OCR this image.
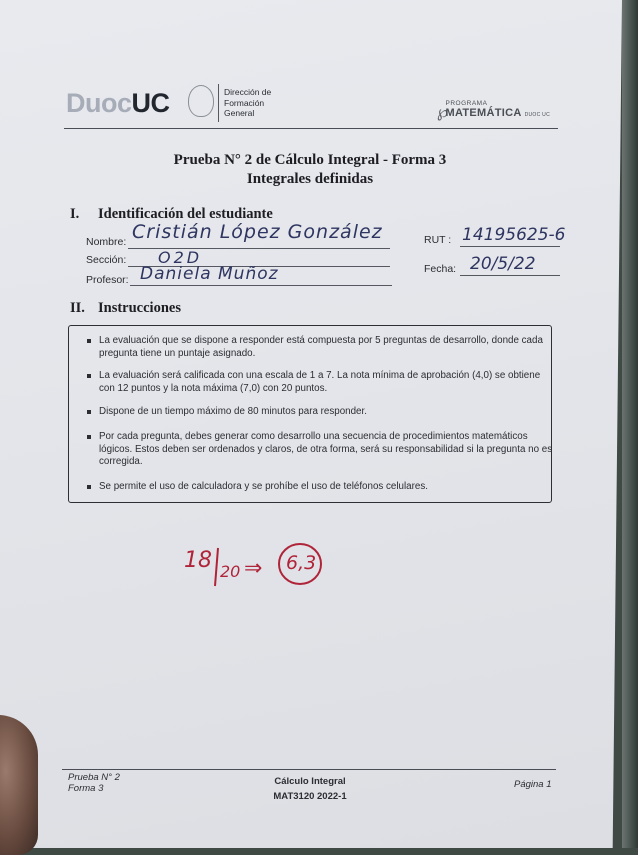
DuocUC	Dirección de
Formación
General	℘
PROGRAMA
MATEMÁTICA DUOC UC
Prueba N° 2 de Cálculo Integral - Forma 3
Integrales definidas
I. Identificación del estudiante
Nombre: Cristián López González
Sección: O2D
Profesor: Daniela Muñoz
RUT : 14195625-6
Fecha: 20/5/22
II. Instrucciones
La evaluación que se dispone a responder está compuesta por 5 preguntas de desarrollo, donde cada pregunta tiene un puntaje asignado.
La evaluación será calificada con una escala de 1 a 7. La nota mínima de aprobación (4,0) se obtiene con 12 puntos y la nota máxima (7,0) con 20 puntos.
Dispone de un tiempo máximo de 80 minutos para responder.
Por cada pregunta, debes generar como desarrollo una secuencia de procedimientos matemáticos lógicos. Estos deben ser ordenados y claros, de otra forma, será su responsabilidad si la pregunta no es corregida.
Se permite el uso de calculadora y se prohíbe el uso de teléfonos celulares.
18 20 ⇒ 6,3
Prueba N° 2
Forma 3
Cálculo Integral
MAT3120 2022-1
Página 1
